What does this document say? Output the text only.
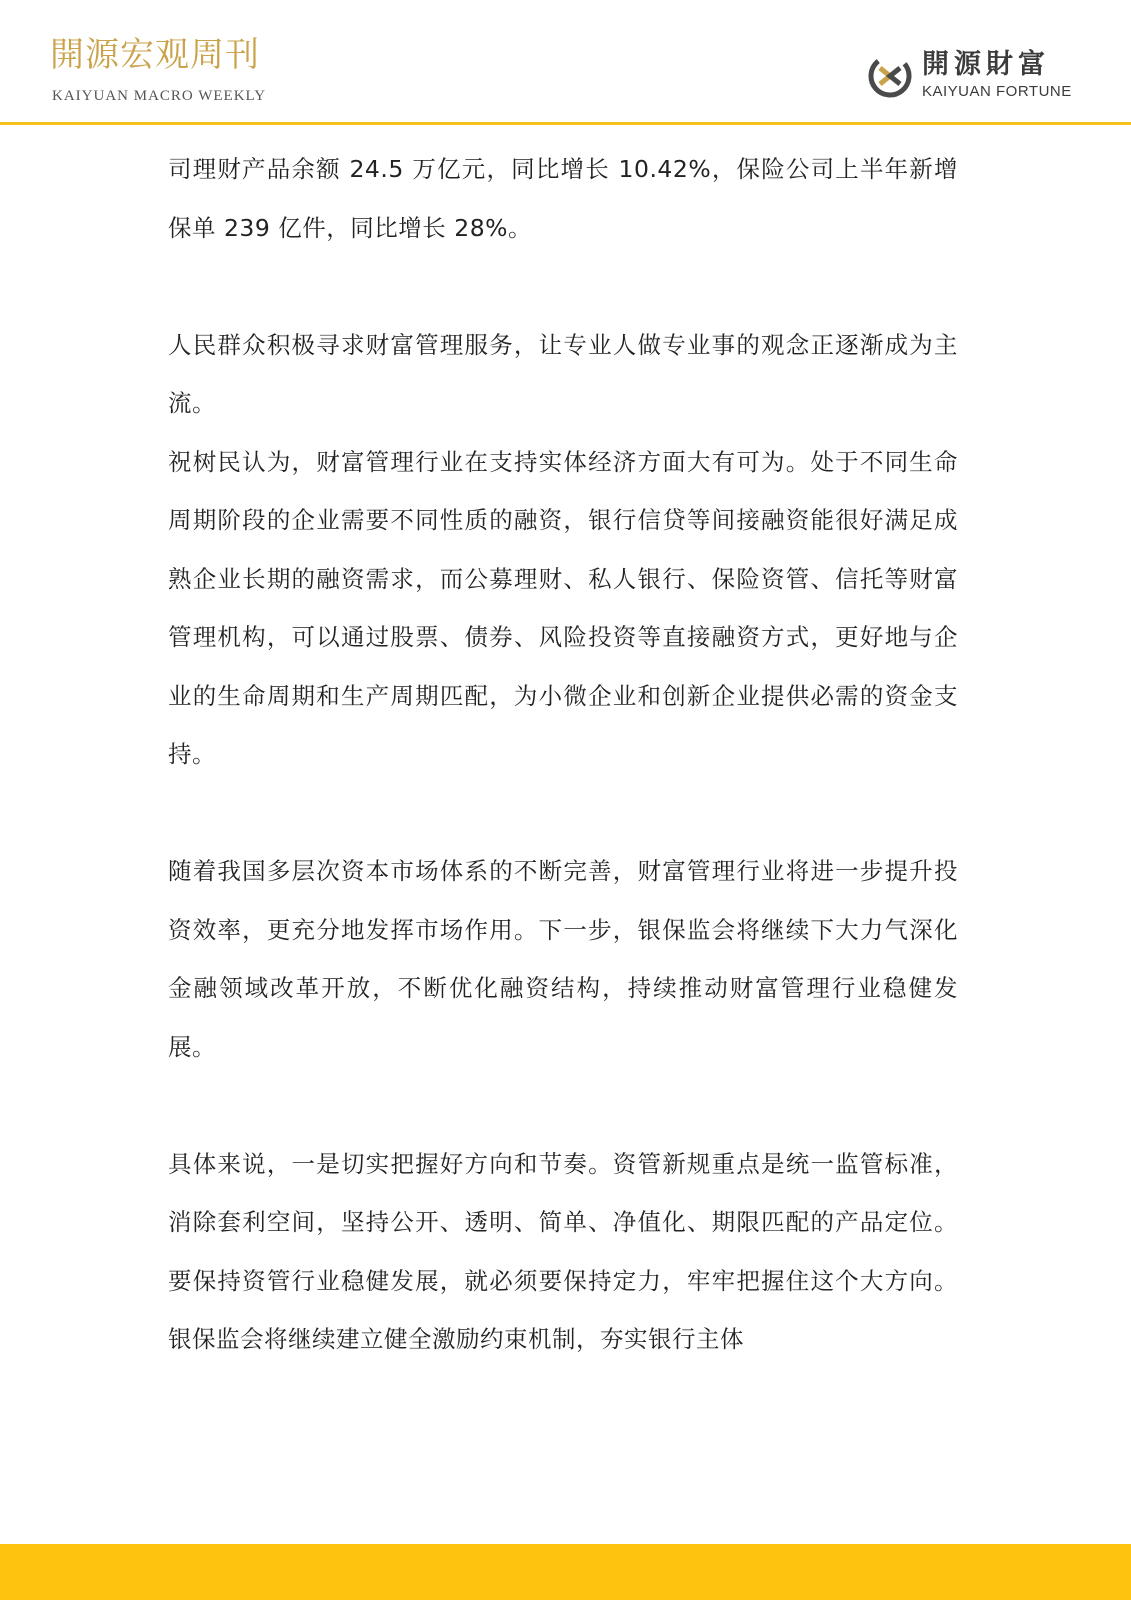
開源宏观周刊
KAIYUAN MACRO WEEKLY
開源財富
KAIYUAN FORTUNE

司理财产品余额 24.5 万亿元，同比增长 10.42%，保险公司上半年新增保单 239 亿件，同比增长 28%。

人民群众积极寻求财富管理服务，让专业人做专业事的观念正逐渐成为主流。

祝树民认为，财富管理行业在支持实体经济方面大有可为。处于不同生命周期阶段的企业需要不同性质的融资，银行信贷等间接融资能很好满足成熟企业长期的融资需求，而公募理财、私人银行、保险资管、信托等财富管理机构，可以通过股票、债券、风险投资等直接融资方式，更好地与企业的生命周期和生产周期匹配，为小微企业和创新企业提供必需的资金支持。

随着我国多层次资本市场体系的不断完善，财富管理行业将进一步提升投资效率，更充分地发挥市场作用。下一步，银保监会将继续下大力气深化金融领域改革开放，不断优化融资结构，持续推动财富管理行业稳健发展。

具体来说，一是切实把握好方向和节奏。资管新规重点是统一监管标准，消除套利空间，坚持公开、透明、简单、净值化、期限匹配的产品定位。要保持资管行业稳健发展，就必须要保持定力，牢牢把握住这个大方向。银保监会将继续建立健全激励约束机制，夯实银行主体
